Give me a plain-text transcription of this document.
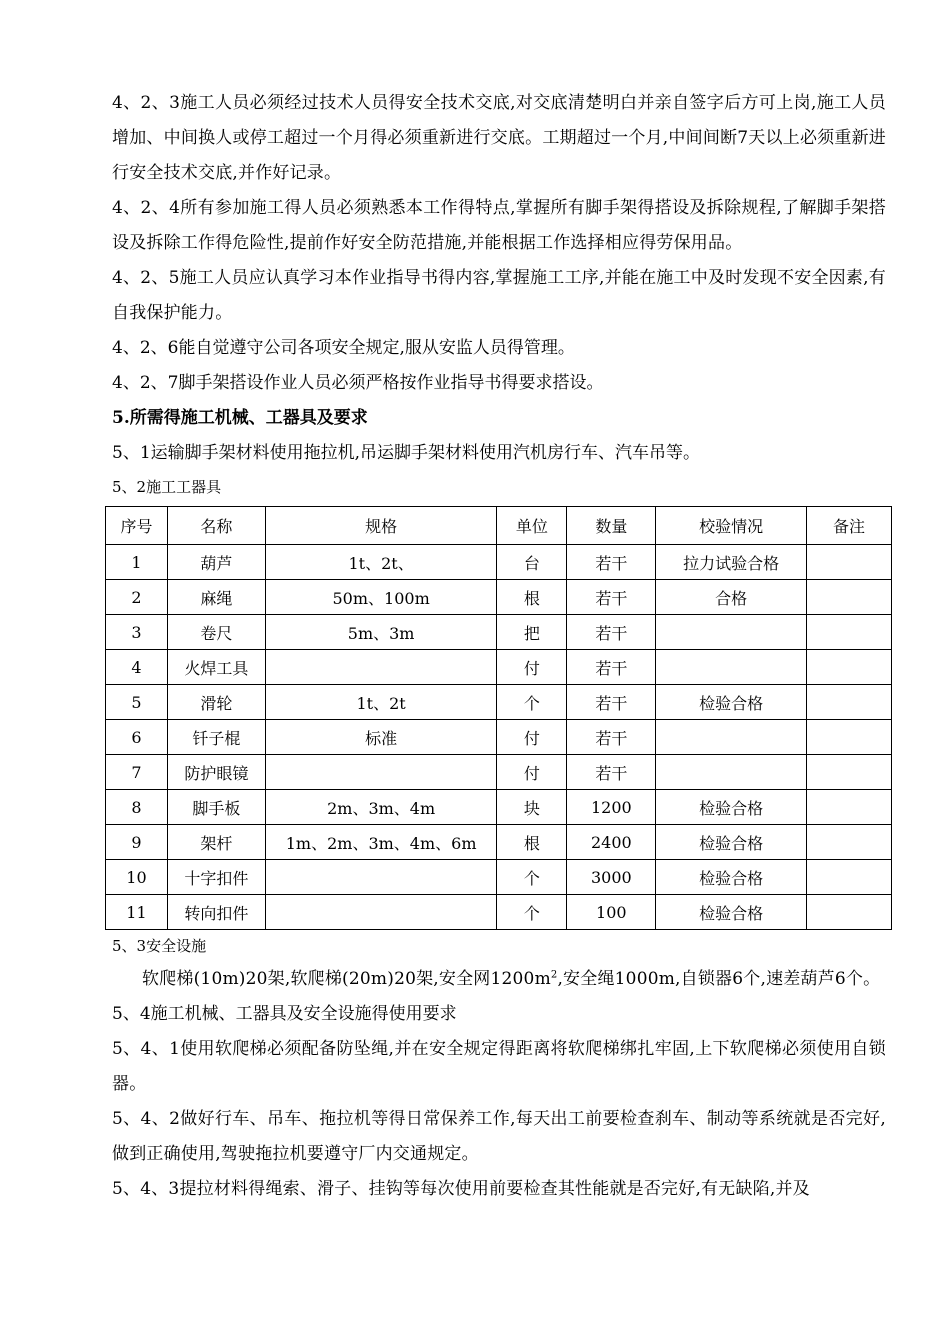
4、2、3施工人员必须经过技术人员得安全技术交底,对交底清楚明白并亲自签字后方可上岗,施工人员增加、中间换人或停工超过一个月得必须重新进行交底。工期超过一个月,中间间断7天以上必须重新进行安全技术交底,并作好记录。

4、2、4所有参加施工得人员必须熟悉本工作得特点,掌握所有脚手架得搭设及拆除规程,了解脚手架搭设及拆除工作得危险性,提前作好安全防范措施,并能根据工作选择相应得劳保用品。

4、2、5施工人员应认真学习本作业指导书得内容,掌握施工工序,并能在施工中及时发现不安全因素,有自我保护能力。

4、2、6能自觉遵守公司各项安全规定,服从安监人员得管理。

4、2、7脚手架搭设作业人员必须严格按作业指导书得要求搭设。

5.所需得施工机械、工器具及要求

5、1运输脚手架材料使用拖拉机,吊运脚手架材料使用汽机房行车、汽车吊等。

5、2施工工器具

序号	名称	规格	单位	数量	校验情况	备注
1	葫芦	1t、2t、	台	若干	拉力试验合格	
2	麻绳	50m、100m	根	若干	合格	
3	卷尺	5m、3m	把	若干		
4	火焊工具		付	若干		
5	滑轮	1t、2t	个	若干	检验合格	
6	钎子棍	标准	付	若干		
7	防护眼镜		付	若干		
8	脚手板	2m、3m、4m	块	1200	检验合格	
9	架杆	1m、2m、3m、4m、6m	根	2400	检验合格	
10	十字扣件		个	3000	检验合格	
11	转向扣件		个	100	检验合格	

5、3安全设施

软爬梯(10m)20架,软爬梯(20m)20架,安全网$1200m^2$,安全绳1000m,自锁器6个,速差葫芦6个。

5、4施工机械、工器具及安全设施得使用要求

5、4、1使用软爬梯必须配备防坠绳,并在安全规定得距离将软爬梯绑扎牢固,上下软爬梯必须使用自锁器。

5、4、2做好行车、吊车、拖拉机等得日常保养工作,每天出工前要检查刹车、制动等系统就是否完好,做到正确使用,驾驶拖拉机要遵守厂内交通规定。

5、4、3提拉材料得绳索、滑子、挂钩等每次使用前要检查其性能就是否完好,有无缺陷,并及
